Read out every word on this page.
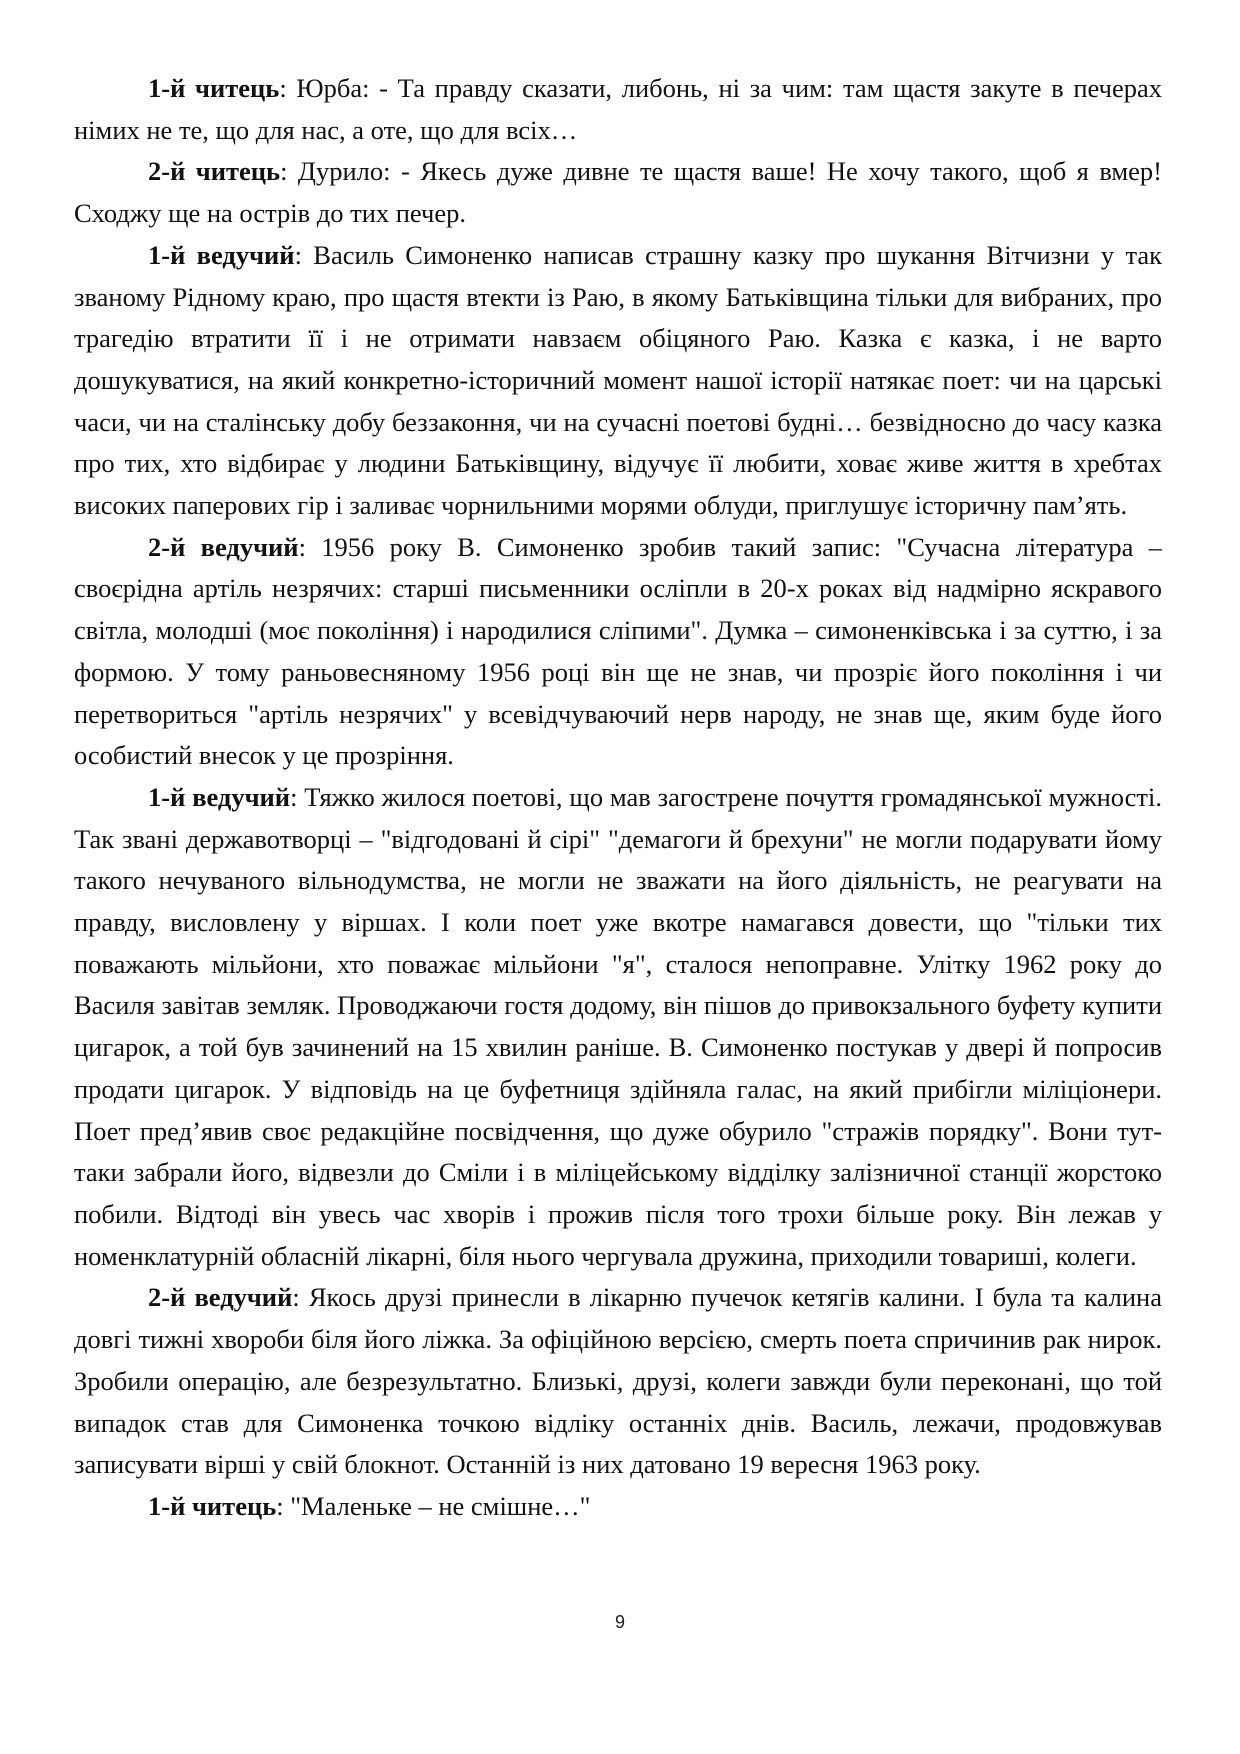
1-й читець: Юрба: - Та правду сказати, либонь, ні за чим: там щастя закуте в печерах німих не те, що для нас, а оте, що для всіх…

2-й читець: Дурило: - Якесь дуже дивне те щастя ваше! Не хочу такого, щоб я вмер! Сходжу ще на острів до тих печер.

1-й ведучий: Василь Симоненко написав страшну казку про шукання Вітчизни у так званому Рідному краю, про щастя втекти із Раю, в якому Батьківщина тільки для вибраних, про трагедію втратити її і не отримати навзаєм обіцяного Раю. Казка є казка, і не варто дошукуватися, на який конкретно-історичний момент нашої історії натякає поет: чи на царські часи, чи на сталінську добу беззаконня, чи на сучасні поетові будні… безвідносно до часу казка про тих, хто відбирає у людини Батьківщину, відучує її любити, ховає живе життя в хребтах високих паперових гір і заливає чорнильними морями облуди, приглушує історичну пам’ять.

2-й ведучий: 1956 року В. Симоненко зробив такий запис: "Сучасна література – своєрідна артіль незрячих: старші письменники осліпли в 20-х роках від надмірно яскравого світла, молодші (моє покоління) і народилися сліпими". Думка – симоненківська і за суттю, і за формою. У тому раньовесняному 1956 році він ще не знав, чи прозріє його покоління і чи перетвориться "артіль незрячих" у всевідчуваючий нерв народу, не знав ще, яким буде його особистий внесок у це прозріння.

1-й ведучий: Тяжко жилося поетові, що мав загострене почуття громадянської мужності. Так звані державотворці – "відгодовані й сірі" "демагоги й брехуни" не могли подарувати йому такого нечуваного вільнодумства, не могли не зважати на його діяльність, не реагувати на правду, висловлену у віршах. І коли поет уже вкотре намагався довести, що "тільки тих поважають мільйони, хто поважає мільйони "я", сталося непоправне. Улітку 1962 року до Василя завітав земляк. Проводжаючи гостя додому, він пішов до привокзального буфету купити цигарок, а той був зачинений на 15 хвилин раніше. В. Симоненко постукав у двері й попросив продати цигарок. У відповідь на це буфетниця здійняла галас, на який прибігли міліціонери. Поет пред’явив своє редакційне посвідчення, що дуже обурило "стражів порядку". Вони тут-таки забрали його, відвезли до Сміли і в міліцейському відділку залізничної станції жорстоко побили. Відтоді він увесь час хворів і прожив після того трохи більше року. Він лежав у номенклатурній обласній лікарні, біля нього чергувала дружина, приходили товариші, колеги.

2-й ведучий: Якось друзі принесли в лікарню пучечок кетягів калини. І була та калина довгі тижні хвороби біля його ліжка. За офіційною версією, смерть поета спричинив рак нирок. Зробили операцію, але безрезультатно. Близькі, друзі, колеги завжди були переконані, що той випадок став для Симоненка точкою відліку останніх днів. Василь, лежачи, продовжував записувати вірші у свій блокнот. Останній із них датовано 19 вересня 1963 року.

1-й читець: "Маленьке – не смішне…"

9
